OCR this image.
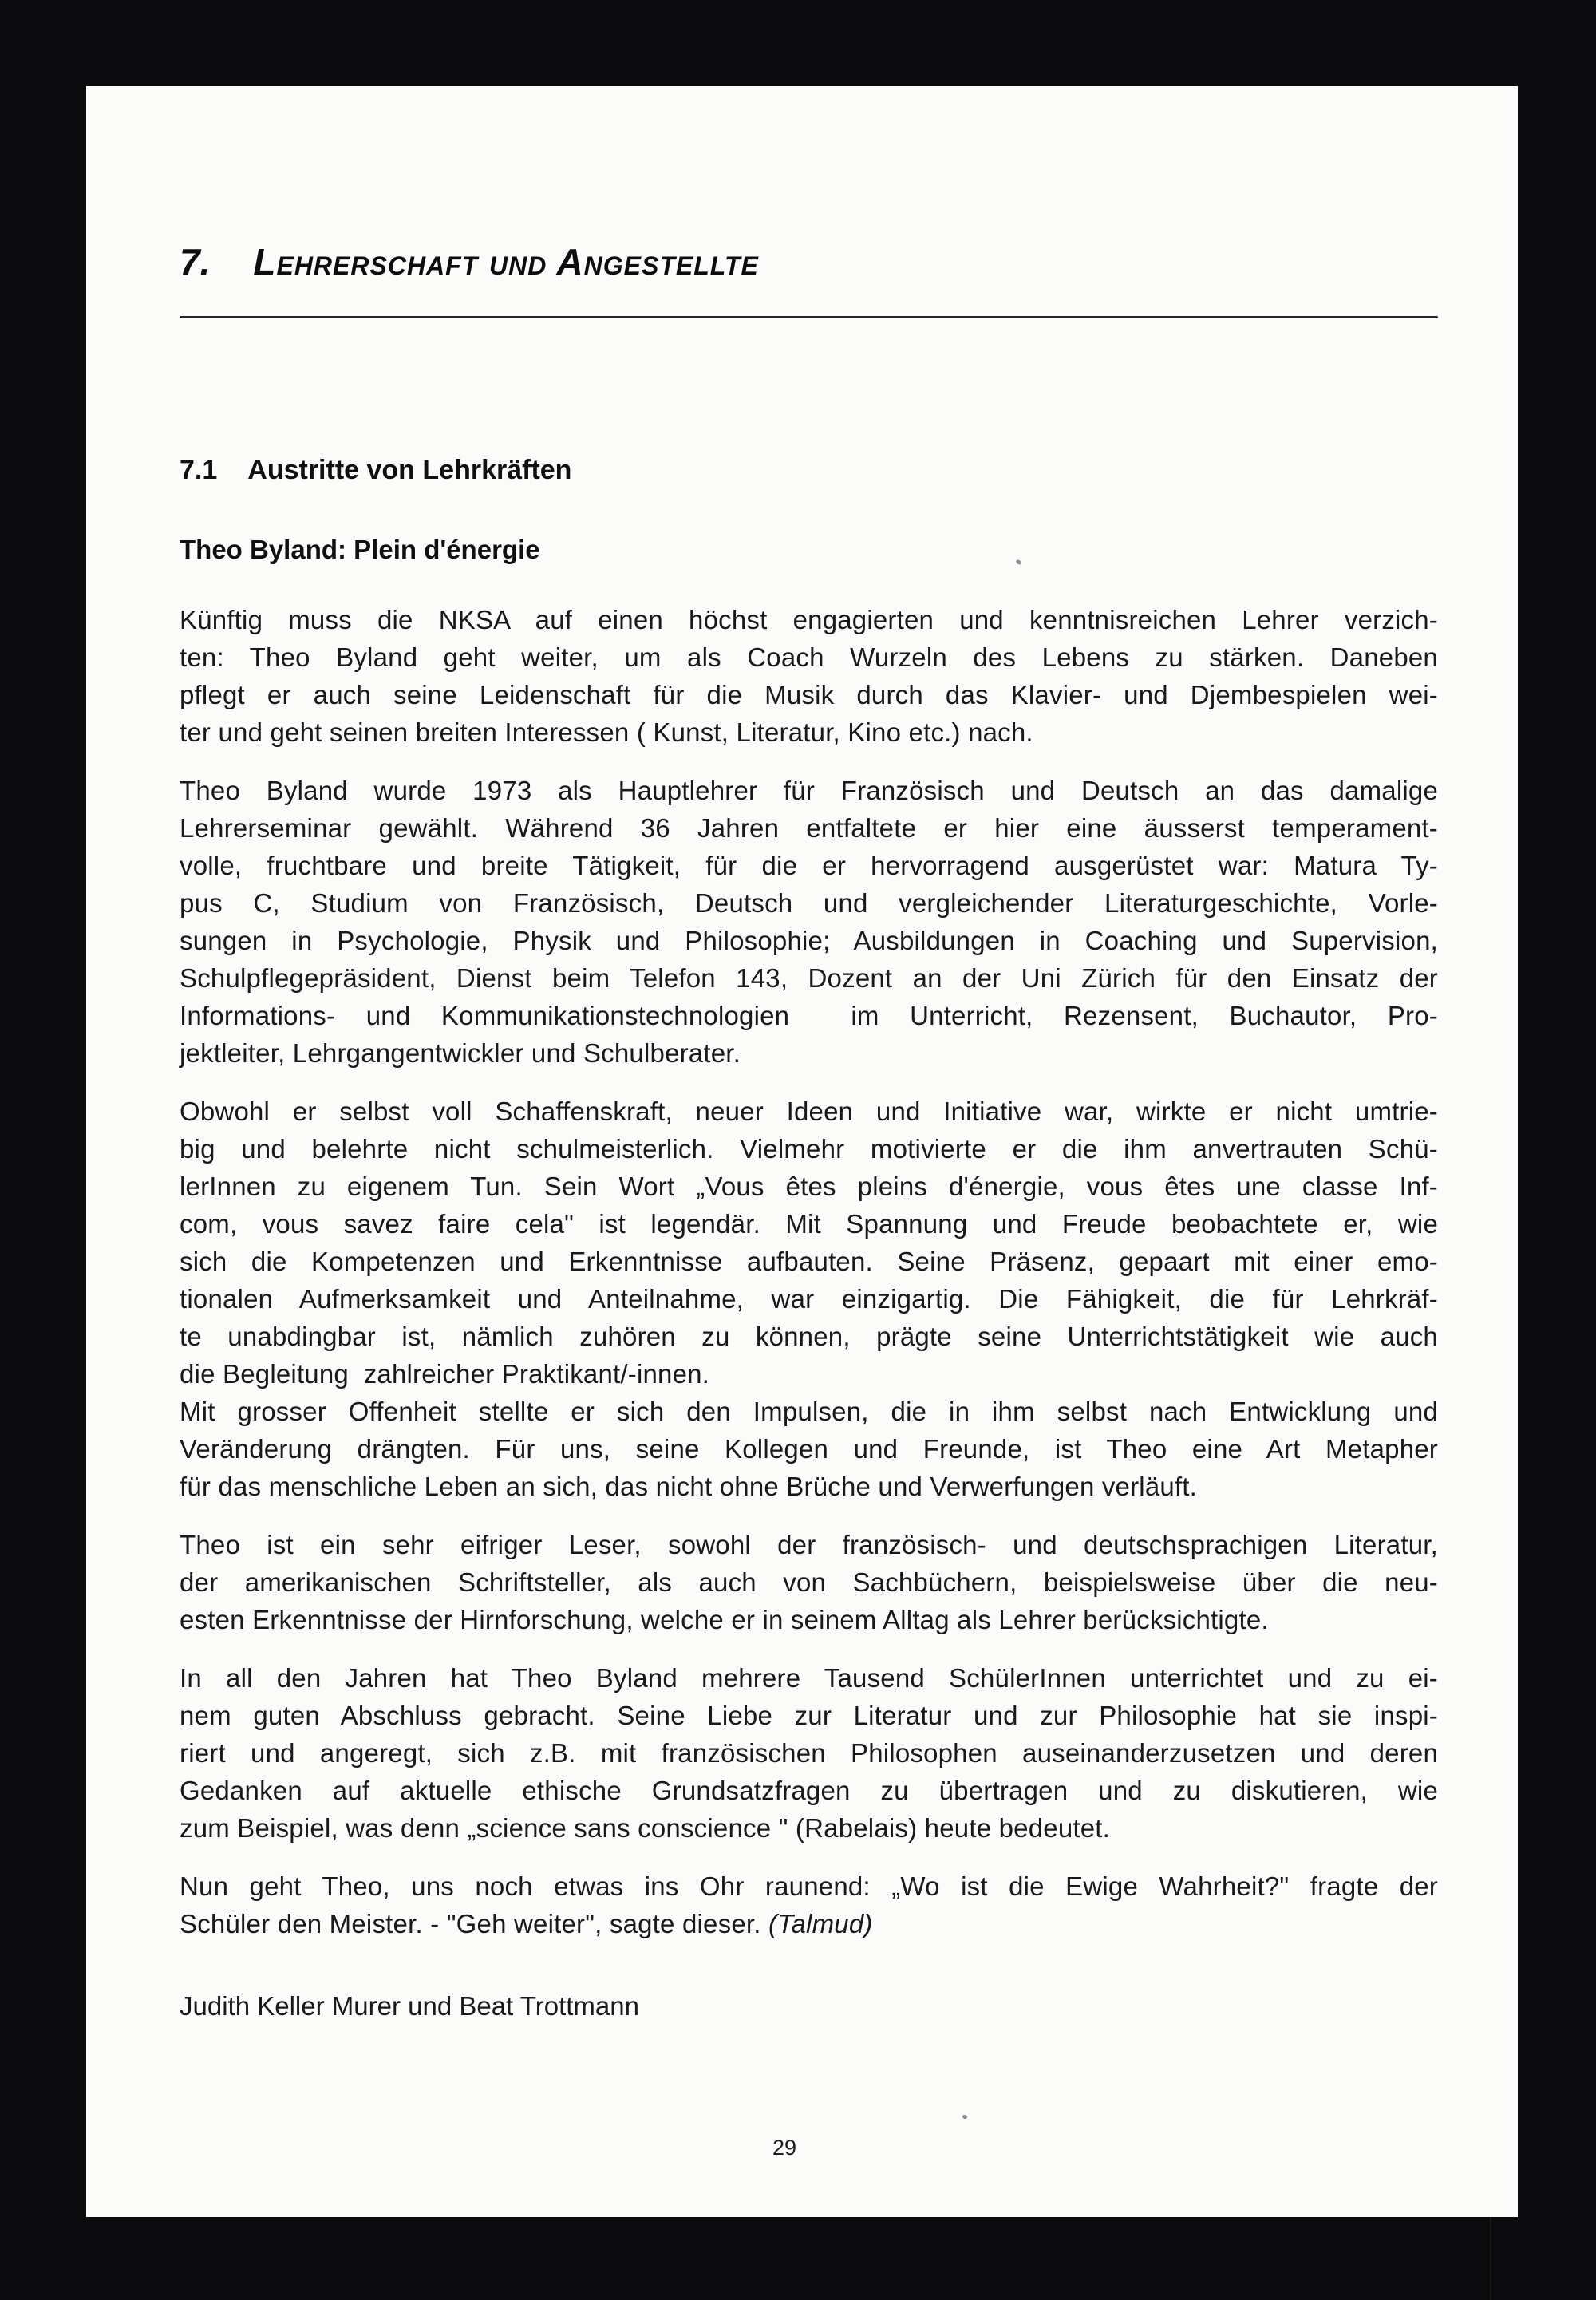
7. Lehrerschaft und Angestellte
7.1 Austritte von Lehrkräften
Theo Byland: Plein d'énergie
Künftig muss die NKSA auf einen höchst engagierten und kenntnisreichen Lehrer verzich-
ten: Theo Byland geht weiter, um als Coach Wurzeln des Lebens zu stärken. Daneben
pflegt er auch seine Leidenschaft für die Musik durch das Klavier- und Djembespielen wei-
ter und geht seinen breiten Interessen ( Kunst, Literatur, Kino etc.) nach.
Theo Byland wurde 1973 als Hauptlehrer für Französisch und Deutsch an das damalige
Lehrerseminar gewählt. Während 36 Jahren entfaltete er hier eine äusserst temperament-
volle, fruchtbare und breite Tätigkeit, für die er hervorragend ausgerüstet war: Matura Ty-
pus C, Studium von Französisch, Deutsch und vergleichender Literaturgeschichte, Vorle-
sungen in Psychologie, Physik und Philosophie; Ausbildungen in Coaching und Supervision,
Schulpflegepräsident, Dienst beim Telefon 143, Dozent an der Uni Zürich für den Einsatz der
Informations- und Kommunikationstechnologien  im Unterricht, Rezensent, Buchautor, Pro-
jektleiter, Lehrgangentwickler und Schulberater.
Obwohl er selbst voll Schaffenskraft, neuer Ideen und Initiative war, wirkte er nicht umtrie-
big und belehrte nicht schulmeisterlich. Vielmehr motivierte er die ihm anvertrauten Schü-
lerInnen zu eigenem Tun. Sein Wort „Vous êtes pleins d'énergie, vous êtes une classe Inf-
com, vous savez faire cela" ist legendär. Mit Spannung und Freude beobachtete er, wie
sich die Kompetenzen und Erkenntnisse aufbauten. Seine Präsenz, gepaart mit einer emo-
tionalen Aufmerksamkeit und Anteilnahme, war einzigartig. Die Fähigkeit, die für Lehrkräf-
te unabdingbar ist, nämlich zuhören zu können, prägte seine Unterrichtstätigkeit wie auch
die Begleitung  zahlreicher Praktikant/-innen.
Mit grosser Offenheit stellte er sich den Impulsen, die in ihm selbst nach Entwicklung und
Veränderung drängten. Für uns, seine Kollegen und Freunde, ist Theo eine Art Metapher
für das menschliche Leben an sich, das nicht ohne Brüche und Verwerfungen verläuft.
Theo ist ein sehr eifriger Leser, sowohl der französisch- und deutschsprachigen Literatur,
der amerikanischen Schriftsteller, als auch von Sachbüchern, beispielsweise über die neu-
esten Erkenntnisse der Hirnforschung, welche er in seinem Alltag als Lehrer berücksichtigte.
In all den Jahren hat Theo Byland mehrere Tausend SchülerInnen unterrichtet und zu ei-
nem guten Abschluss gebracht. Seine Liebe zur Literatur und zur Philosophie hat sie inspi-
riert und angeregt, sich z.B. mit französischen Philosophen auseinanderzusetzen und deren
Gedanken auf aktuelle ethische Grundsatzfragen zu übertragen und zu diskutieren, wie
zum Beispiel, was denn „science sans conscience " (Rabelais) heute bedeutet.
Nun geht Theo, uns noch etwas ins Ohr raunend: „Wo ist die Ewige Wahrheit?" fragte der
Schüler den Meister. - "Geh weiter", sagte dieser. (Talmud)
Judith Keller Murer und Beat Trottmann
29
